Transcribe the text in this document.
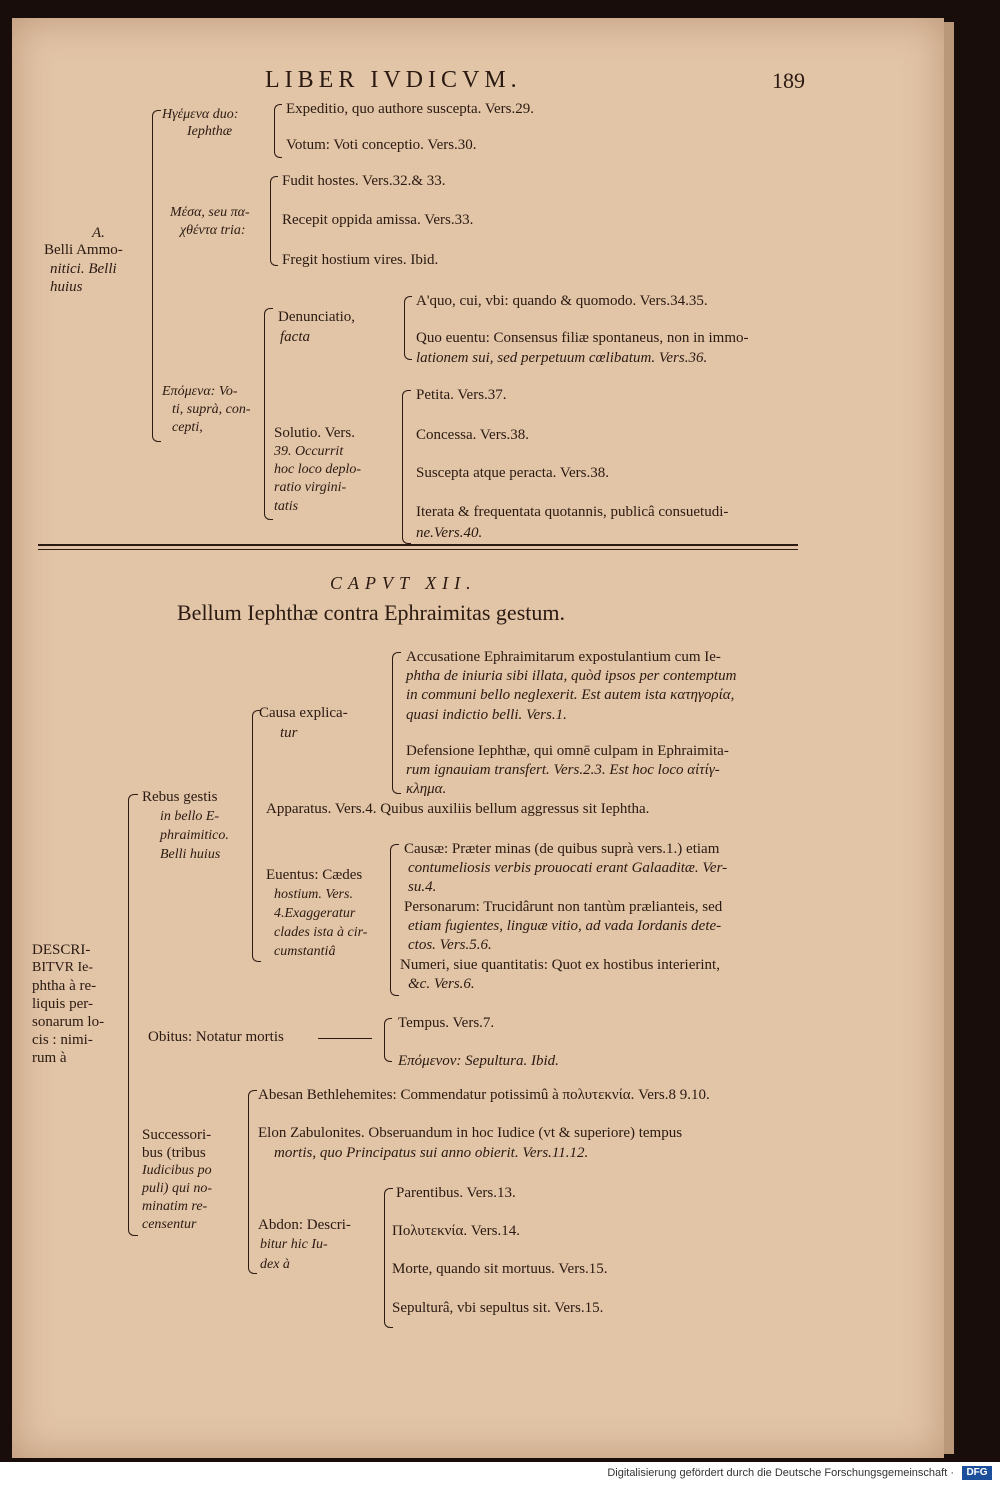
LIBER IVDICVM.	189
A.
Belli Ammo-
nitici. Belli
huius
Ηγέμενα duo:
Iephthæ
Expeditio, quo authore suscepta. Vers.29.
Votum: Voti conceptio. Vers.30.
Μέσα, seu πα-
χθέντα tria:
Fudit hostes. Vers.32.& 33.
Recepit oppida amissa. Vers.33.
Fregit hostium vires. Ibid.
Επόμενα: Vo-
ti, suprà, con-
cepti,
Denunciatio,
facta
A'quo, cui, vbi: quando & quomodo. Vers.34.35.
Quo euentu: Consensus filiæ spontaneus, non in immo-
lationem sui, sed perpetuum cœlibatum. Vers.36.
Solutio. Vers.
39. Occurrit
hoc loco deplo-
ratio virgini-
tatis
Petita. Vers.37.
Concessa. Vers.38.
Suscepta atque peracta. Vers.38.
Iterata & frequentata quotannis, publicâ consuetudi-
ne.Vers.40.
CAPVT XII.
Bellum Iephthæ contra Ephraimitas gestum.
DESCRI-
BITVR Ie-
phtha à re-
liquis per-
sonarum lo-
cis : nimi-
rum à
Rebus gestis
in bello E-
phraimitico.
Belli huius
Causa explica-
tur
Accusatione Ephraimitarum expostulantium cum Ie-
phtha de iniuria sibi illata, quòd ipsos per contemptum
in communi bello neglexerit. Est autem ista κατηγορία,
quasi indictio belli. Vers.1.
Defensione Iephthæ, qui omnē culpam in Ephraimita-
rum ignauiam transfert. Vers.2.3. Est hoc loco αἰτίγ-
κλημα.
Apparatus. Vers.4. Quibus auxiliis bellum aggressus sit Iephtha.
Euentus: Cædes
hostium. Vers.
4.Exaggeratur
clades ista à cir-
cumstantiâ
Causæ: Præter minas (de quibus suprà vers.1.) etiam
contumeliosis verbis prouocati erant Galaaditæ. Ver-
su.4.
Personarum: Trucidârunt non tantùm prælianteis, sed
etiam fugientes, linguæ vitio, ad vada Iordanis dete-
ctos. Vers.5.6.
Numeri, siue quantitatis: Quot ex hostibus interierint,
&c. Vers.6.
Obitus: Notatur mortis
Tempus. Vers.7.
Επόμενον: Sepultura. Ibid.
Successori-
bus (tribus
Iudicibus po
puli) qui no-
minatim re-
censentur
Abesan Bethlehemites: Commendatur potissimû à πολυτεκνία. Vers.8 9.10.
Elon Zabulonites. Obseruandum in hoc Iudice (vt & superiore) tempus
mortis, quo Principatus sui anno obierit. Vers.11.12.
Abdon: Descri-
bitur hic Iu-
dex à
Parentibus. Vers.13.
Πολυτεκνία. Vers.14.
Morte, quando sit mortuus. Vers.15.
Sepulturâ, vbi sepultus sit. Vers.15.
Digitalisierung gefördert durch die Deutsche Forschungsgemeinschaft ·	DFG
